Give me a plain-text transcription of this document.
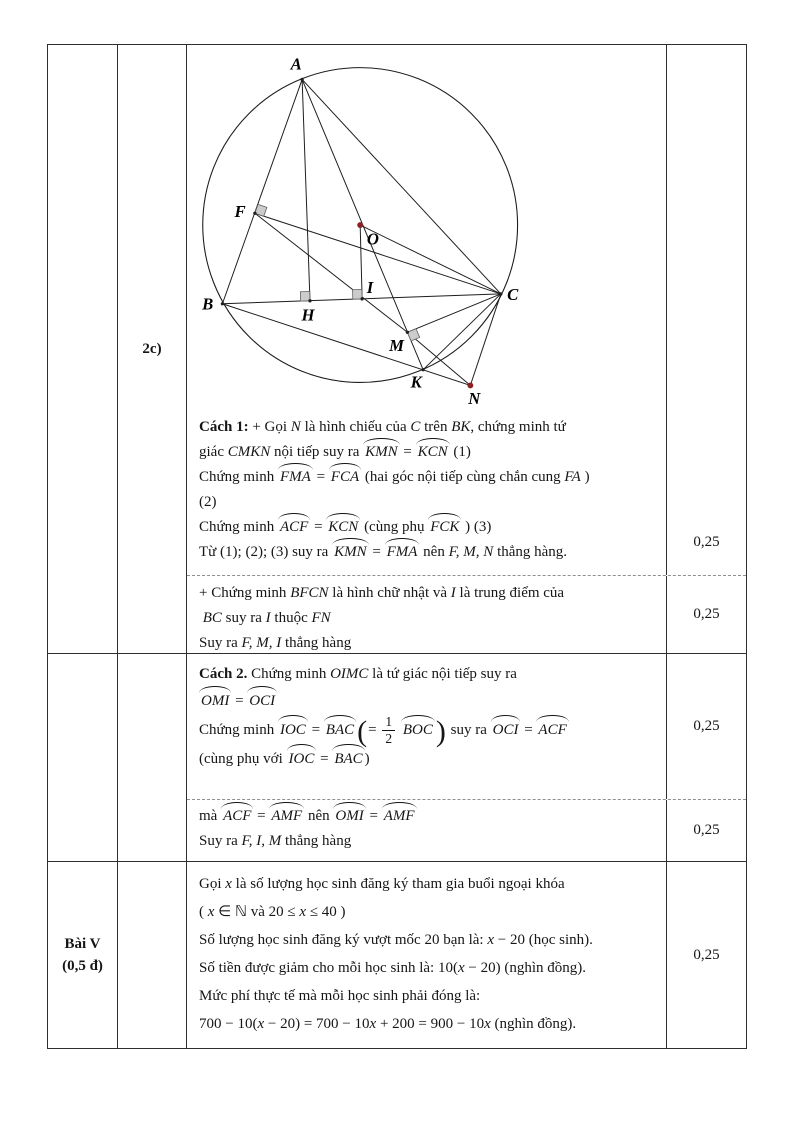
2c)
A
B
C
F
O
I
H
M
K
N
Cách 1: + Gọi N là hình chiếu của C trên BK, chứng minh tứ
giác CMKN nội tiếp suy ra KMN = KCN (1)
Chứng minh FMA = FCA (hai góc nội tiếp cùng chắn cung FA )
(2)
Chứng minh ACF = KCN (cùng phụ FCK ) (3)
Từ (1); (2); (3) suy ra KMN = FMA nên F, M, N thẳng hàng.
0,25
+ Chứng minh BFCN là hình chữ nhật và I là trung điểm của
BC suy ra I thuộc FN
Suy ra F, M, I thẳng hàng
0,25
Cách 2. Chứng minh OIMC là tứ giác nội tiếp suy ra
OMI = OCI
Chứng minh IOC = BAC (= $\frac{1}{2}$ BOC ) suy ra OCI = ACF
(cùng phụ với IOC = BAC )
0,25
mà ACF = AMF nên OMI = AMF
Suy ra F, I, M thẳng hàng
0,25
Bài V
(0,5 đ)
Gọi x là số lượng học sinh đăng ký tham gia buổi ngoại khóa
( x ∈ ℕ và 20 ≤ x ≤ 40 )
Số lượng học sinh đăng ký vượt mốc 20 bạn là: x − 20 (học sinh).
Số tiền được giảm cho mỗi học sinh là: 10(x − 20) (nghìn đồng).
Mức phí thực tế mà mỗi học sinh phải đóng là:
700 − 10(x − 20) = 700 − 10x + 200 = 900 − 10x (nghìn đồng).
0,25
